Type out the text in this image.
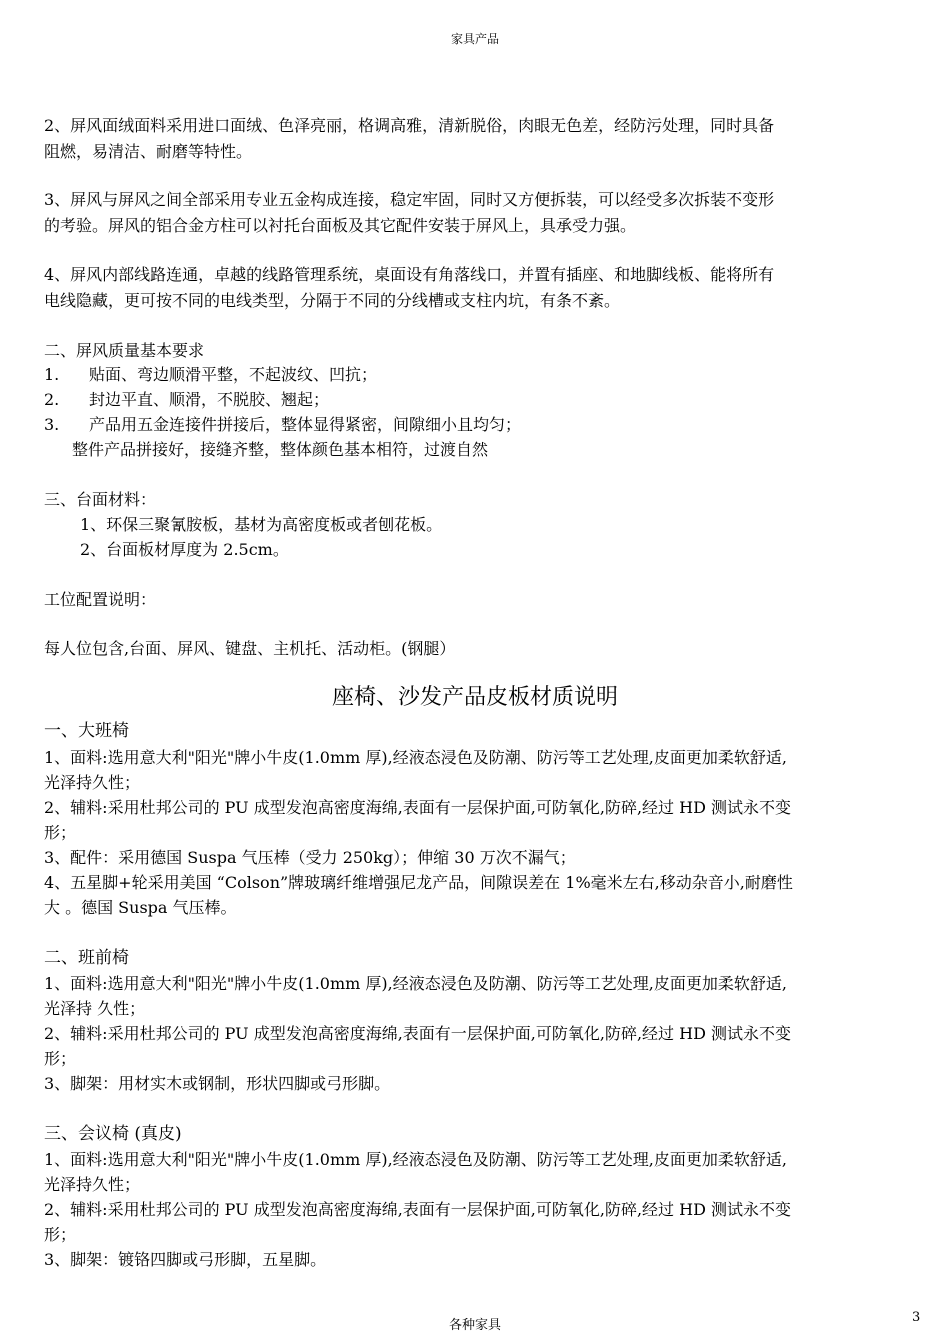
家具产品
2、屏风面绒面料采用进口面绒、色泽亮丽，格调高雅，清新脱俗，肉眼无色差，经防污处理，同时具备
阻燃，易清洁、耐磨等特性。
3、屏风与屏风之间全部采用专业五金构成连接，稳定牢固，同时又方便拆装，可以经受多次拆装不变形
的考验。屏风的铝合金方柱可以衬托台面板及其它配件安装于屏风上，具承受力强。
4、屏风内部线路连通，卓越的线路管理系统，桌面设有角落线口，并置有插座、和地脚线板、能将所有
电线隐藏，更可按不同的电线类型，分隔于不同的分线槽或支柱内坑，有条不紊。
二、屏风质量基本要求
1. 贴面、弯边顺滑平整，不起波纹、凹抗；
2. 封边平直、顺滑，不脱胶、翘起；
3. 产品用五金连接件拼接后，整体显得紧密，间隙细小且均匀；
整件产品拼接好，接缝齐整，整体颜色基本相符，过渡自然
三、台面材料：
1、环保三聚氰胺板，基材为高密度板或者刨花板。
2、台面板材厚度为 2.5cm。
工位配置说明：
每人位包含,台面、屏风、键盘、主机托、活动柜。(钢腿）
座椅、沙发产品皮板材质说明
一、大班椅
1、面料:选用意大利"阳光"牌小牛皮(1.0mm 厚),经液态浸色及防潮、防污等工艺处理,皮面更加柔软舒适,
光泽持久性；
2、辅料:采用杜邦公司的 PU 成型发泡高密度海绵,表面有一层保护面,可防氧化,防碎,经过 HD 测试永不变
形；
3、配件：采用德国 Suspa 气压棒（受力 250kg）；伸缩 30 万次不漏气；
4、五星脚+轮采用美国 “Colson”牌玻璃纤维增强尼龙产品，间隙误差在 1%毫米左右,移动杂音小,耐磨性
大 。德国 Suspa 气压棒。
二、班前椅
1、面料:选用意大利"阳光"牌小牛皮(1.0mm 厚),经液态浸色及防潮、防污等工艺处理,皮面更加柔软舒适,
光泽持 久性；
2、辅料:采用杜邦公司的 PU 成型发泡高密度海绵,表面有一层保护面,可防氧化,防碎,经过 HD 测试永不变
形；
3、脚架：用材实木或钢制，形状四脚或弓形脚。
三、会议椅 (真皮)
1、面料:选用意大利"阳光"牌小牛皮(1.0mm 厚),经液态浸色及防潮、防污等工艺处理,皮面更加柔软舒适,
光泽持久性；
2、辅料:采用杜邦公司的 PU 成型发泡高密度海绵,表面有一层保护面,可防氧化,防碎,经过 HD 测试永不变
形；
3、脚架：镀铬四脚或弓形脚，五星脚。
各种家具
3
